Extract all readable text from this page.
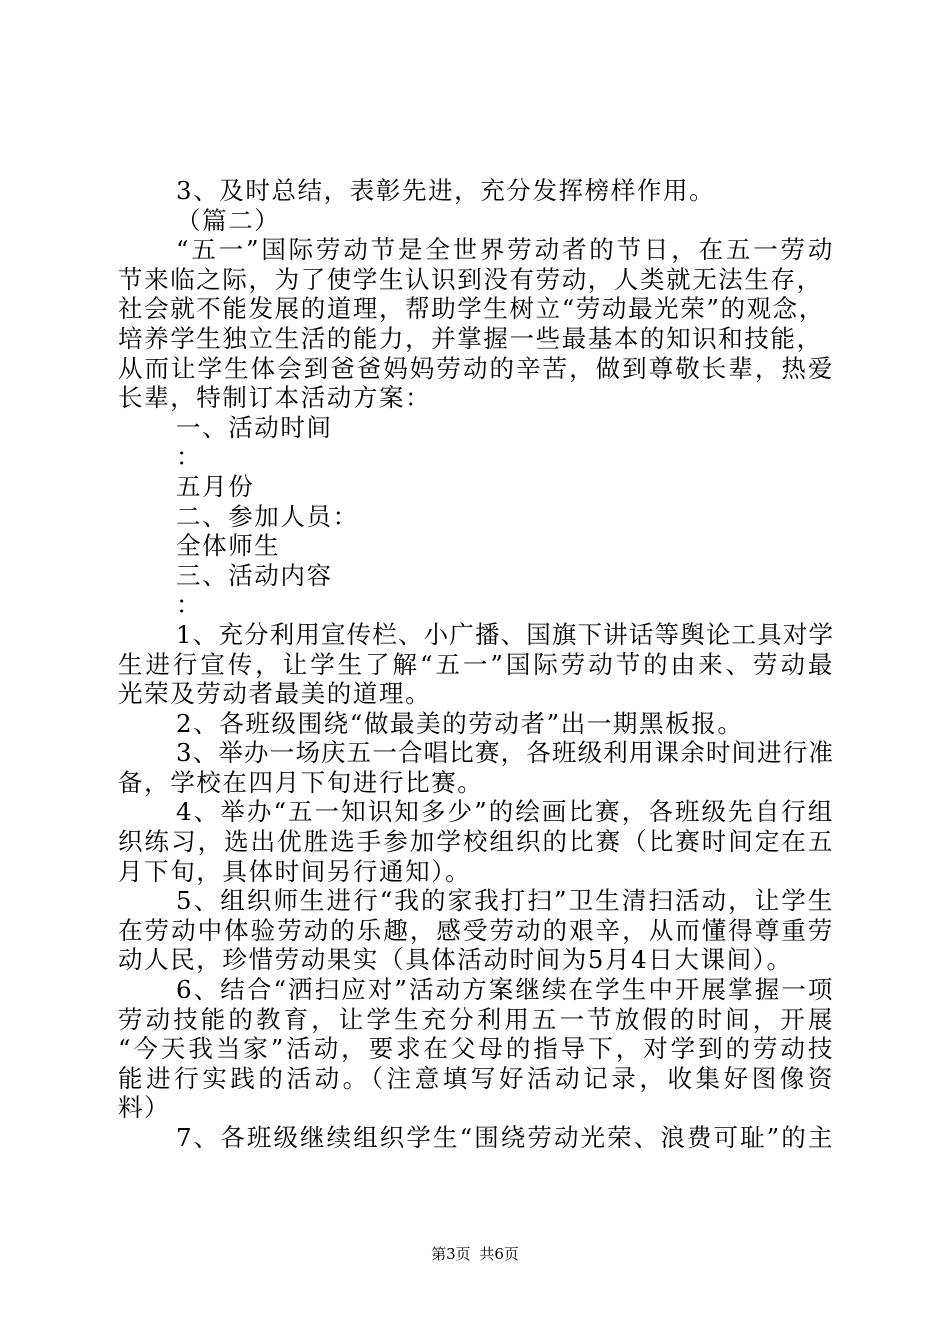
3、及时总结，表彰先进，充分发挥榜样作用。
（篇二）
“五一”国际劳动节是全世界劳动者的节日，在五一劳动
节来临之际，为了使学生认识到没有劳动，人类就无法生存，
社会就不能发展的道理，帮助学生树立“劳动最光荣”的观念，
培养学生独立生活的能力，并掌握一些最基本的知识和技能，
从而让学生体会到爸爸妈妈劳动的辛苦，做到尊敬长辈，热爱
长辈，特制订本活动方案：
一、活动时间
：
五月份
二、参加人员：
全体师生
三、活动内容
：
1、充分利用宣传栏、小广播、国旗下讲话等舆论工具对学
生进行宣传，让学生了解“五一”国际劳动节的由来、劳动最
光荣及劳动者最美的道理。
2、各班级围绕“做最美的劳动者”出一期黑板报。
3、举办一场庆五一合唱比赛，各班级利用课余时间进行准
备，学校在四月下旬进行比赛。
4、举办“五一知识知多少”的绘画比赛，各班级先自行组
织练习，选出优胜选手参加学校组织的比赛（比赛时间定在五
月下旬，具体时间另行通知）。
5、组织师生进行“我的家我打扫”卫生清扫活动，让学生
在劳动中体验劳动的乐趣，感受劳动的艰辛，从而懂得尊重劳
动人民，珍惜劳动果实（具体活动时间为5月4日大课间）。
6、结合“洒扫应对”活动方案继续在学生中开展掌握一项
劳动技能的教育，让学生充分利用五一节放假的时间，开展
“今天我当家”活动，要求在父母的指导下，对学到的劳动技
能进行实践的活动。（注意填写好活动记录，收集好图像资
料）
7、各班级继续组织学生“围绕劳动光荣、浪费可耻”的主
第3页 共6页
